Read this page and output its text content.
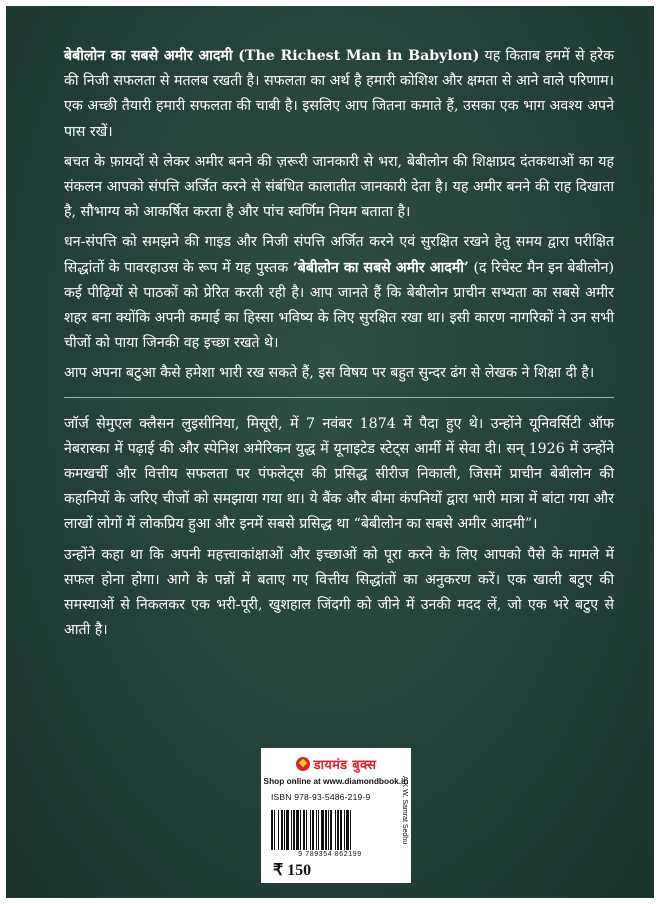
बेबीलोन का सबसे अमीर आदमी (The Richest Man in Babylon) यह किताब हममें से हरेक की निजी सफलता से मतलब रखती है। सफलता का अर्थ है हमारी कोशिश और क्षमता से आने वाले परिणाम। एक अच्छी तैयारी हमारी सफलता की चाबी है। इसलिए आप जितना कमाते हैं, उसका एक भाग अवश्य अपने पास रखें।

बचत के फ़ायदों से लेकर अमीर बनने की ज़रूरी जानकारी से भरा, बेबीलोन की शिक्षाप्रद दंतकथाओं का यह संकलन आपको संपत्ति अर्जित करने से संबंधित कालातीत जानकारी देता है। यह अमीर बनने की राह दिखाता है, सौभाग्य को आकर्षित करता है और पांच स्वर्णिम नियम बताता है।

धन-संपत्ति को समझने की गाइड और निजी संपत्ति अर्जित करने एवं सुरक्षित रखने हेतु समय द्वारा परीक्षित सिद्धांतों के पावरहाउस के रूप में यह पुस्तक ‘बेबीलोन का सबसे अमीर आदमी’ (द रिचेस्ट मैन इन बेबीलोन) कई पीढ़ियों से पाठकों को प्रेरित करती रही है। आप जानते हैं कि बेबीलोन प्राचीन सभ्यता का सबसे अमीर शहर बना क्योंकि अपनी कमाई का हिस्सा भविष्य के लिए सुरक्षित रखा था। इसी कारण नागरिकों ने उन सभी चीजों को पाया जिनकी वह इच्छा रखते थे।

आप अपना बटुआ कैसे हमेशा भारी रख सकते हैं, इस विषय पर बहुत सुन्दर ढंग से लेखक ने शिक्षा दी है।

जॉर्ज सेमुएल क्लैसन लुइसीनिया, मिसूरी, में 7 नवंबर 1874 में पैदा हुए थे। उन्होंने यूनिवर्सिटी ऑफ नेबरास्का में पढ़ाई की और स्पेनिश अमेरिकन युद्ध में यूनाइटेड स्टेट्स आर्मी में सेवा दी। सन् 1926 में उन्होंने कमखर्ची और वित्तीय सफलता पर पंफलेट्स की प्रसिद्ध सीरीज निकाली, जिसमें प्राचीन बेबीलोन की कहानियों के जरिए चीजों को समझाया गया था। ये बैंक और बीमा कंपनियों द्वारा भारी मात्रा में बांटा गया और लाखों लोगों में लोकप्रिय हुआ और इनमें सबसे प्रसिद्ध था “बेबीलोन का सबसे अमीर आदमी”।

उन्होंने कहा था कि अपनी महत्त्वाकांक्षाओं और इच्छाओं को पूरा करने के लिए आपको पैसे के मामले में सफल होना होगा। आगे के पन्नों में बताए गए वित्तीय सिद्धांतों का अनुकरण करें। एक खाली बटुए की समस्याओं से निकलकर एक भरी-पूरी, खुशहाल जिंदगी को जीने में उनकी मदद लें, जो एक भरे बटुए से आती है।

डायमंड बुक्स
Shop online at www.diamondbook.in
ISBN 978-93-5486-219-9
9 789354 862199
A.K.W. Samrat Sedhu
₹ 150
